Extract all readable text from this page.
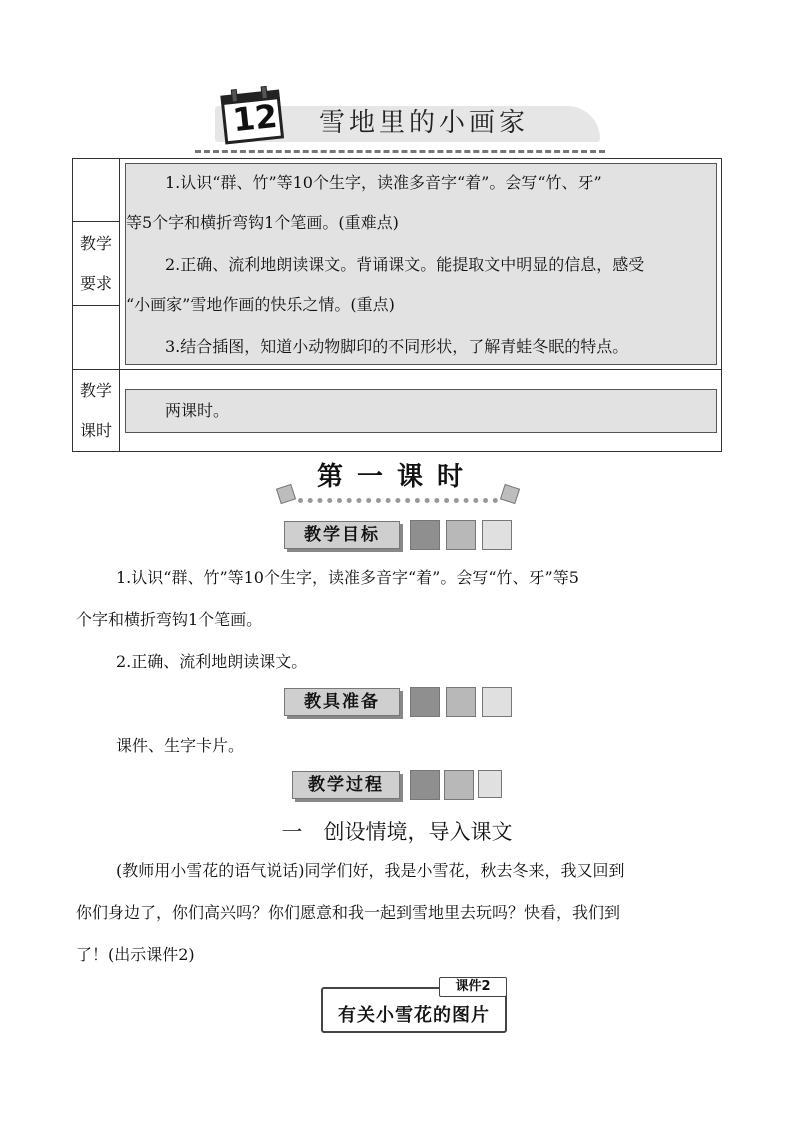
12 雪地里的小画家
教学
要求
1.认识“群、竹”等10个生字，读准多音字“着”。会写“竹、牙”
等5个字和横折弯钩1个笔画。(重难点)
2.正确、流利地朗读课文。背诵课文。能提取文中明显的信息，感受
“小画家”雪地作画的快乐之情。(重点)
3.结合插图，知道小动物脚印的不同形状，了解青蛙冬眠的特点。
教学
课时
两课时。
第一课时
教学目标
1.认识“群、竹”等10个生字，读准多音字“着”。会写“竹、牙”等5
个字和横折弯钩1个笔画。
2.正确、流利地朗读课文。
教具准备
课件、生字卡片。
教学过程
一　创设情境，导入课文
(教师用小雪花的语气说话)同学们好，我是小雪花，秋去冬来，我又回到
你们身边了，你们高兴吗？你们愿意和我一起到雪地里去玩吗？快看，我们到
了！(出示课件2)
课件2
有关小雪花的图片
